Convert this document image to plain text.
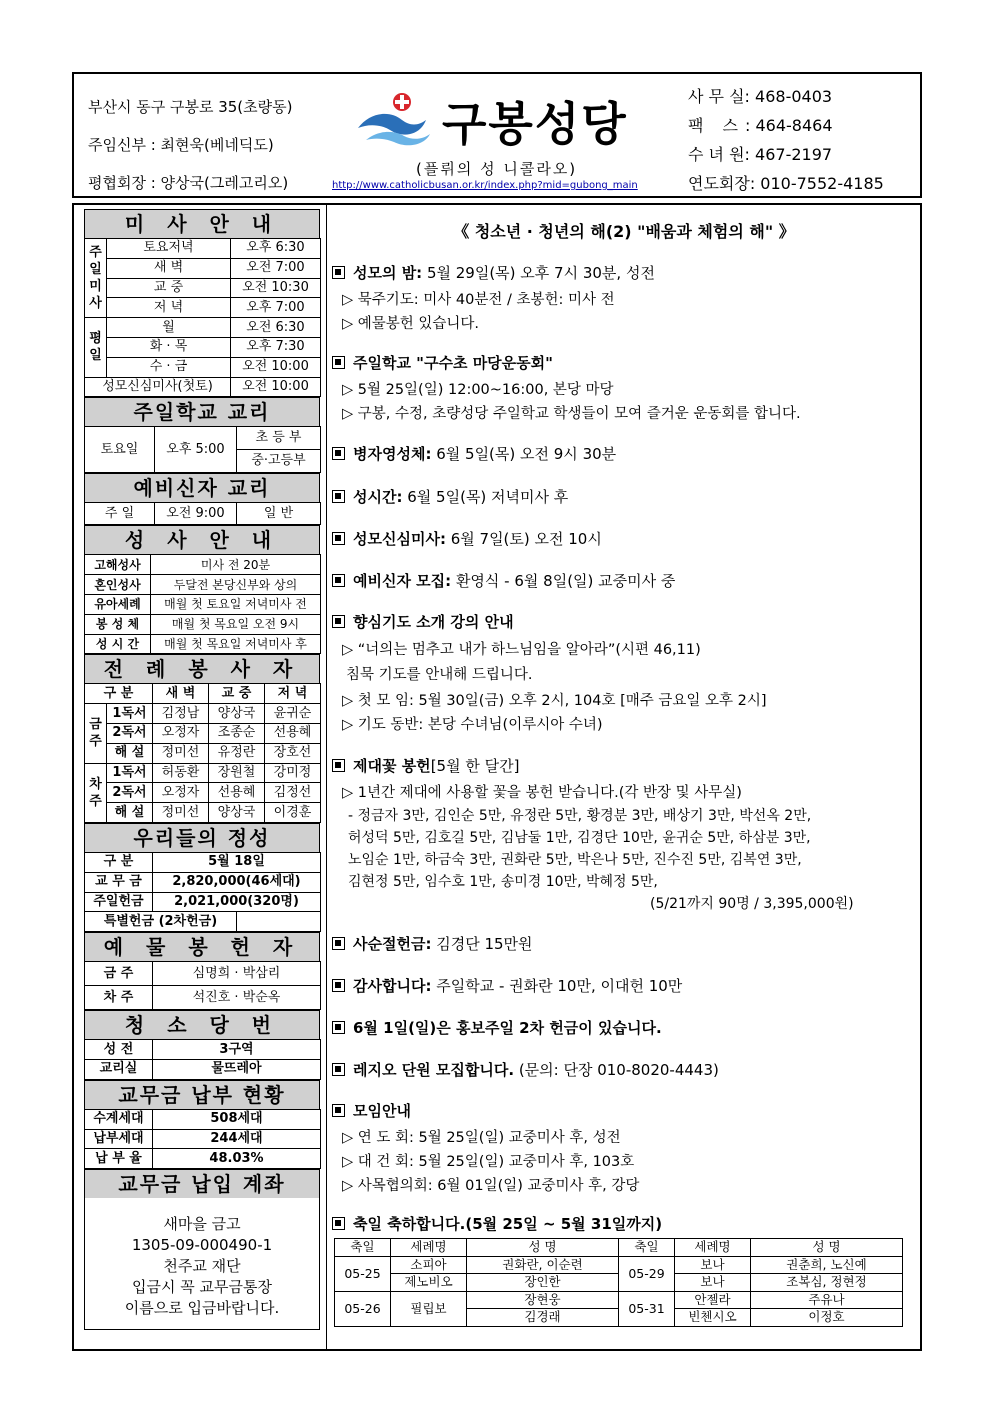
부산시 동구 구봉로 35(초량동)
주임신부 : 최현욱(베네딕도)
평협회장 : 양상국(그레고리오)
구봉성당
(플뤼의 성 니콜라오)
http://www.catholicbusan.or.kr/index.php?mid=gubong_main
사 무 실: 468-0403
팩 스: 464-8464
수 녀 원: 467-2197
연도회장: 010-7552-4185
미 사 안 내
주
일
미
사	토요저녁	오후 6:30
	새 벽	오전 7:00
	교 중	오전 10:30
	저 녁	오후 7:00
평
일	월	오전 6:30
	화 · 목	오후 7:30
	수 · 금	오전 10:00
성모신심미사(첫토)		오전 10:00
주일학교 교리
토요일	오후 5:00	초 등 부
중·고등부
예비신자 교리
주 일	오전 9:00	일 반
성 사 안 내
고해성사	미사 전 20분
혼인성사	두달전 본당신부와 상의
유아세례	매월 첫 토요일 저녁미사 전
봉 성 체	매월 첫 목요일 오전 9시
성 시 간	매월 첫 목요일 저녁미사 후
전 례 봉 사 자
구 분		새 벽	교 중	저 녁
금
주	1독서	김정남	양상국	윤귀순
	2독서	오정자	조종순	선용혜
	해 설	정미선	유정란	장호선
차
주	1독서	허동환	장원철	강미정
	2독서	오정자	선용혜	김정선
	해 설	정미선	양상국	이경훈
우리들의 정성
구 분	5월 18일	
교 무 금	2,820,000(46세대)	
주일헌금	2,021,000(320명)	
특별헌금 (2차헌금)		
예 물 봉 헌 자
금 주	심명희 · 박삼리
차 주	석진호 · 박순옥
청 소 당 번
성 전	3구역
교리실	물뜨레아
교무금 납부 현황
수계세대	508세대
납부세대	244세대
납 부 율	48.03%
교무금 납입 계좌
새마을 금고
1305-09-000490-1
천주교 재단
입금시 꼭 교무금통장
이름으로 입금바랍니다.
《 청소년 · 청년의 해(2) "배움과 체험의 해" 》
성모의 밤: 5월 29일(목) 오후 7시 30분, 성전
▷ 묵주기도: 미사 40분전 / 초봉헌: 미사 전
▷ 예물봉헌 있습니다.
주일학교 "구수초 마당운동회"
▷ 5월 25일(일) 12:00~16:00, 본당 마당
▷ 구봉, 수정, 초량성당 주일학교 학생들이 모여 즐거운 운동회를 합니다.
병자영성체: 6월 5일(목) 오전 9시 30분
성시간: 6월 5일(목) 저녁미사 후
성모신심미사: 6월 7일(토) 오전 10시
예비신자 모집: 환영식 - 6월 8일(일) 교중미사 중
향심기도 소개 강의 안내
▷ “너의는 멈추고 내가 하느님임을 알아라”(시편 46,11)
침묵 기도를 안내해 드립니다.
▷ 첫 모 임: 5월 30일(금) 오후 2시, 104호 [매주 금요일 오후 2시]
▷ 기도 동반: 본당 수녀님(이루시아 수녀)
제대꽃 봉헌[5월 한 달간]
▷ 1년간 제대에 사용할 꽃을 봉헌 받습니다.(각 반장 및 사무실)
- 정금자 3만, 김인순 5만, 유정란 5만, 황경분 3만, 배상기 3만, 박선옥 2만,
허성덕 5만, 김호길 5만, 김남둘 1만, 김경단 10만, 윤귀순 5만, 하삼분 3만,
노임순 1만, 하금숙 3만, 권화란 5만, 박은나 5만, 진수진 5만, 김복연 3만,
김현정 5만, 임수호 1만, 송미경 10만, 박혜정 5만,
(5/21까지 90명 / 3,395,000원)
사순절헌금: 김경단 15만원
감사합니다: 주일학교 - 권화란 10만, 이대헌 10만
6월 1일(일)은 홍보주일 2차 헌금이 있습니다.
레지오 단원 모집합니다. (문의: 단장 010-8020-4443)
모임안내
▷ 연 도 회: 5월 25일(일) 교중미사 후, 성전
▷ 대 건 회: 5월 25일(일) 교중미사 후, 103호
▷ 사목협의회: 6월 01일(일) 교중미사 후, 강당
축일 축하합니다.(5월 25일 ~ 5월 31일까지)
축일	세례명	성 명	축일	세례명	성 명
05-25	소피아	권화란, 이순련	05-29	보나	권춘희, 노신예
	제노비오	장인한		보나	조복심, 정현정
05-26	필립보	장현웅	05-31	안젤라	주유나
		김경래		빈첸시오	이정호
